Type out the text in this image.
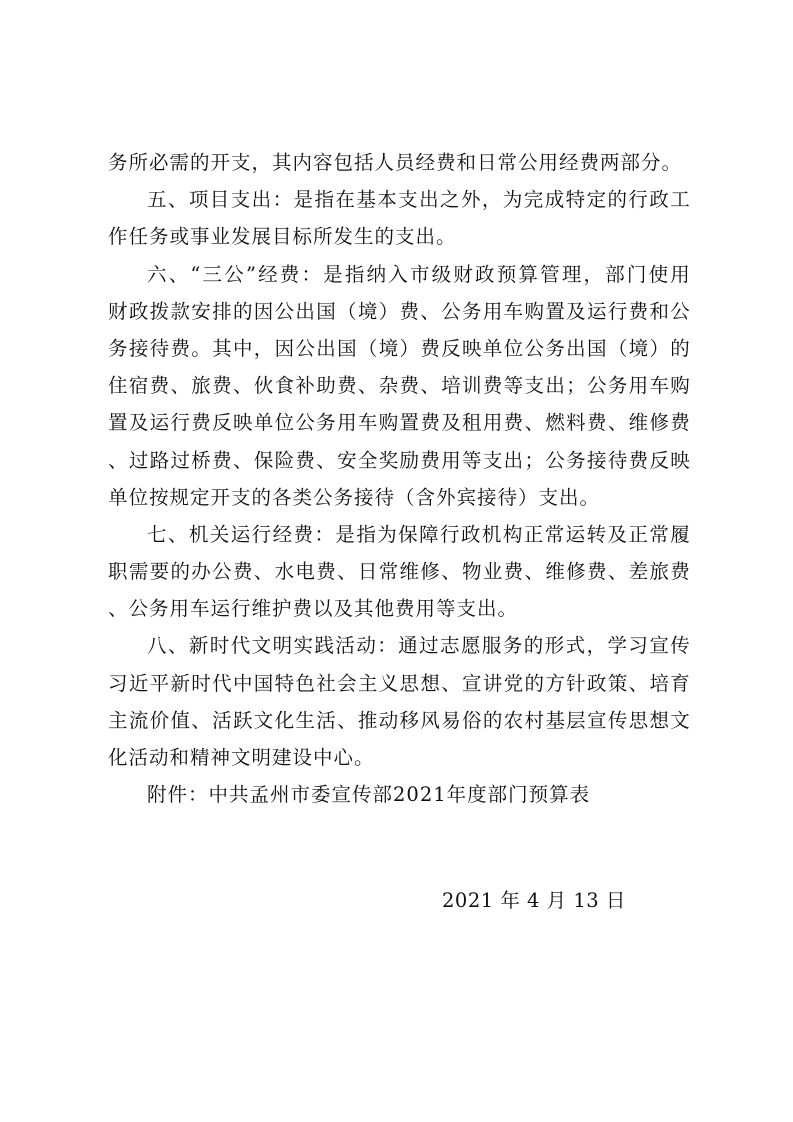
务所必需的开支，其内容包括人员经费和日常公用经费两部分。
五、项目支出：是指在基本支出之外，为完成特定的行政工
作任务或事业发展目标所发生的支出。
六、“三公”经费：是指纳入市级财政预算管理，部门使用
财政拨款安排的因公出国（境）费、公务用车购置及运行费和公
务接待费。其中，因公出国（境）费反映单位公务出国（境）的
住宿费、旅费、伙食补助费、杂费、培训费等支出；公务用车购
置及运行费反映单位公务用车购置费及租用费、燃料费、维修费
、过路过桥费、保险费、安全奖励费用等支出；公务接待费反映
单位按规定开支的各类公务接待（含外宾接待）支出。
七、机关运行经费：是指为保障行政机构正常运转及正常履
职需要的办公费、水电费、日常维修、物业费、维修费、差旅费
、公务用车运行维护费以及其他费用等支出。
八、新时代文明实践活动：通过志愿服务的形式，学习宣传
习近平新时代中国特色社会主义思想、宣讲党的方针政策、培育
主流价值、活跃文化生活、推动移风易俗的农村基层宣传思想文
化活动和精神文明建设中心。
附件：中共孟州市委宣传部2021年度部门预算表
2021 年 4 月 13 日
